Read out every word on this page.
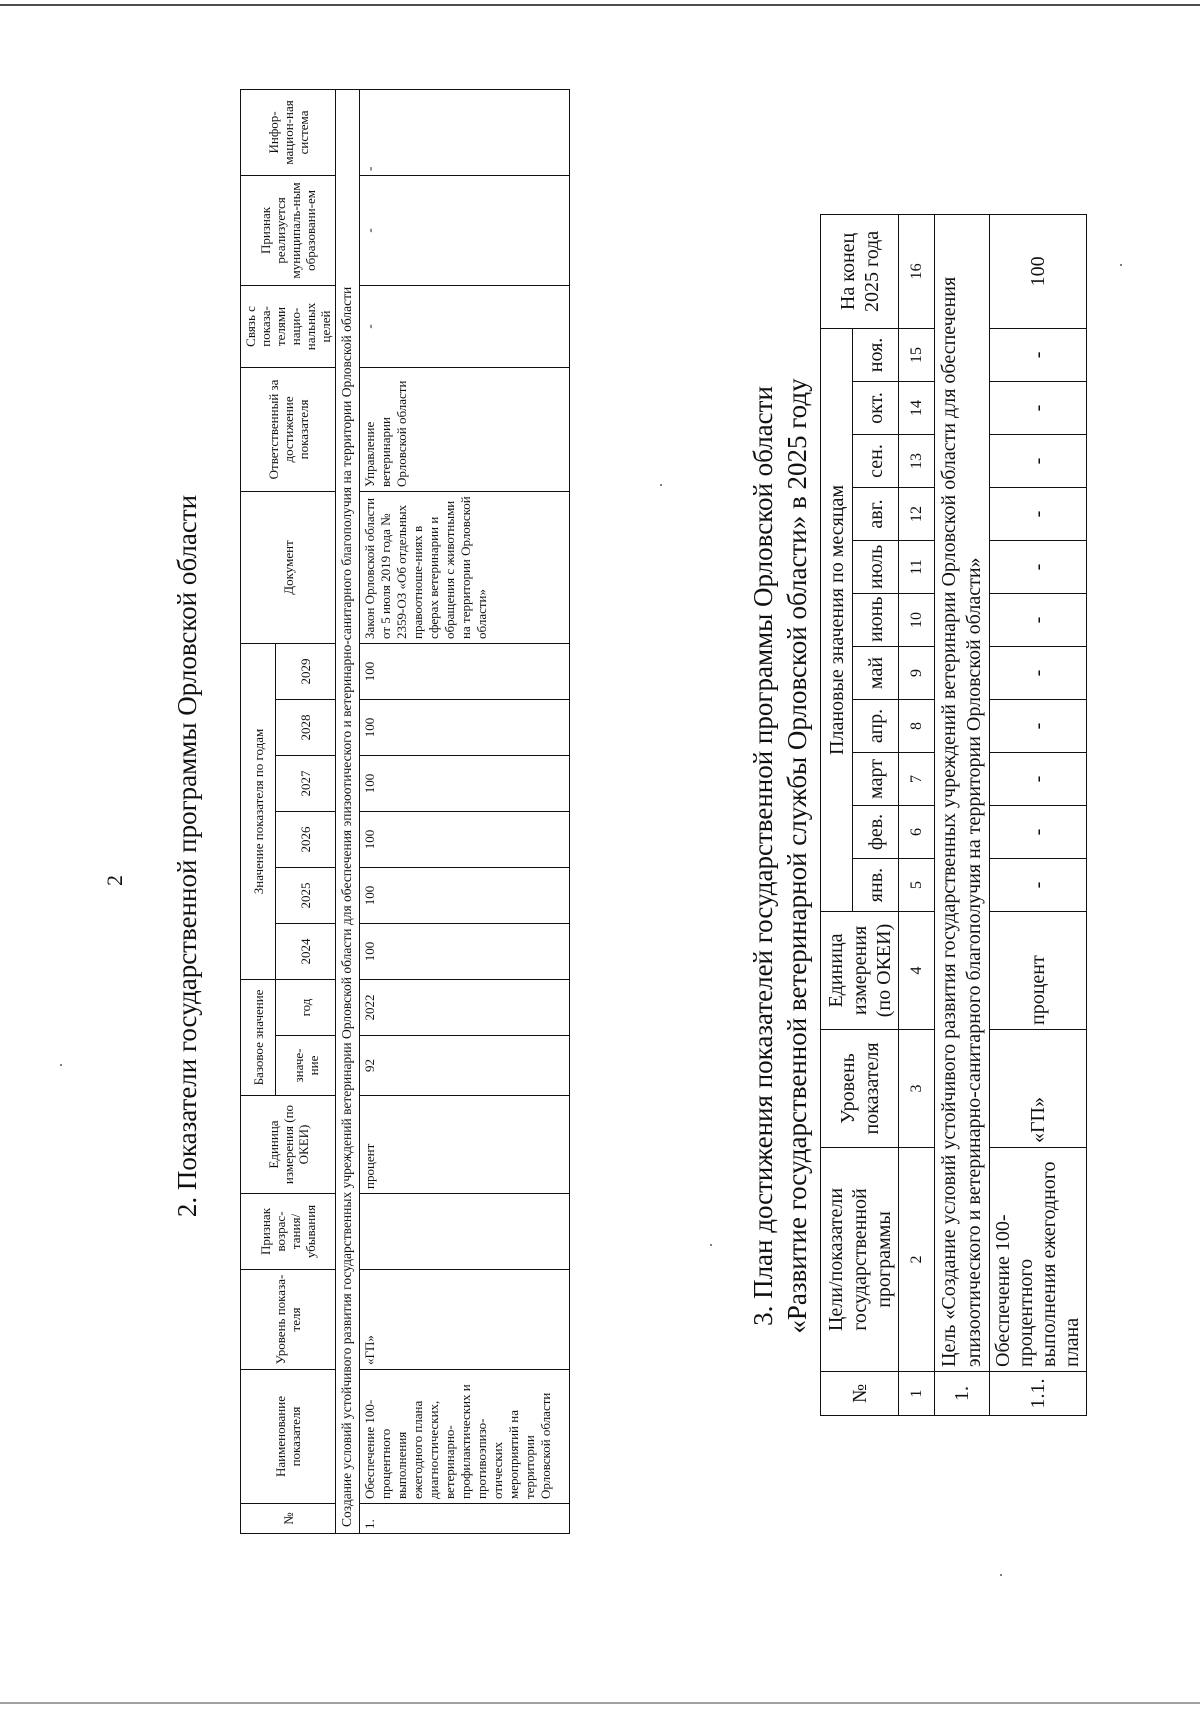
2 2. Показатели государственной программы Орловской области
№	Наименование показателя	Уровень показа-теля	Признак возрас-тания/ убывания	Единица измерения (по ОКЕИ)	Базовое значение		Значение показателя по годам						Документ	Ответственный за достижение показателя	Связь с показа-телями нацио-нальных целей	Признак реализуется муниципаль-ным образовани-ем	Инфор-мацион-ная система
					значе-ние	год	2024	2025	2026	2027	2028	2029					
Создание условий устойчивого развития государственных учреждений ветеринарии Орловской области для обеспечения эпизоотического и ветеринарно-санитарного благополучия на территории Орловской области																	
1.	Обеспечение 100-процентного выполнения ежегодного плана диагностических, ветеринарно-профилактических и противоэпизо-отических мероприятий на территории Орловской области	«ГП»		процент	92	2022	100	100	100	100	100	100	Закон Орловской области от 5 июля 2019 года № 2359-ОЗ «Об отдельных правоотноше-ниях в сферах ветеринарии и обращения с животными на территории Орловской области»	Управление ветеринарии Орловской области	-	-	-
3. План достижения показателей государственной программы Орловской области «Развитие государственной ветеринарной службы Орловской области» в 2025 году
№	Цели/показатели государственной программы	Уровень показателя	Единица измерения (по ОКЕИ)	Плановые значения по месяцам											На конец 2025 года
				янв.	фев.	март	апр.	май	июнь	июль	авг.	сен.	окт.	ноя.	
1	2	3	4	5	6	7	8	9	10	11	12	13	14	15	16
1.	Цель «Создание условий устойчивого развития государственных учреждений ветеринарии Орловской области для обеспечения эпизоотического и ветеринарно-санитарного благополучия на территории Орловской области»														
1.1.	Обеспечение 100-процентного выполнения ежегодного плана	«ГП»	процент	-	-	-	-	-	-	-	-	-	-	-	100
